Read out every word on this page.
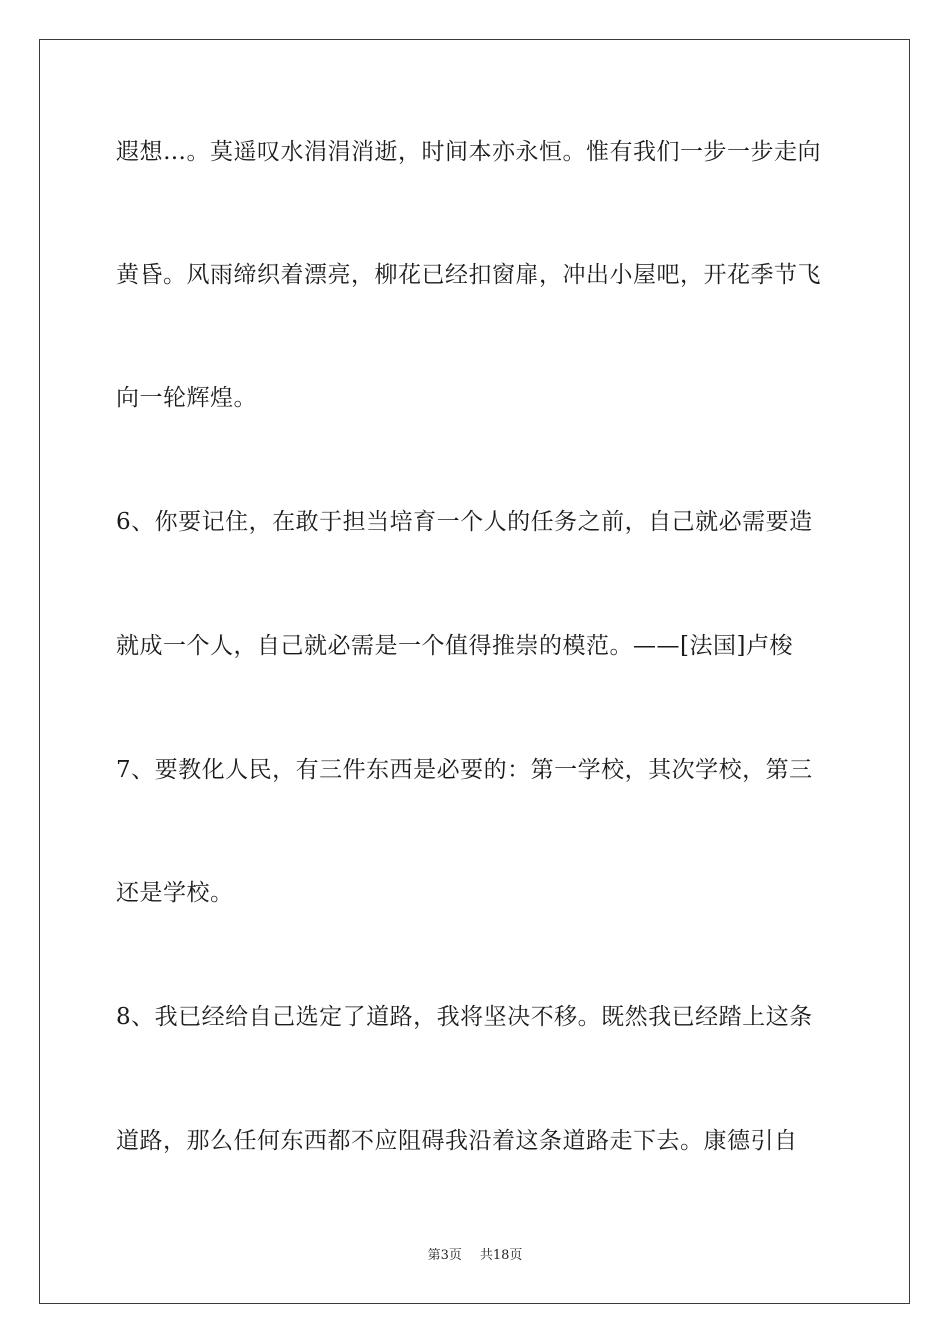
遐想…。莫遥叹水涓涓消逝，时间本亦永恒。惟有我们一步一步走向
黄昏。风雨缔织着漂亮，柳花已经扣窗扉，冲出小屋吧，开花季节飞
向一轮辉煌。
6、你要记住，在敢于担当培育一个人的任务之前，自己就必需要造
就成一个人，自己就必需是一个值得推崇的模范。——[法国]卢梭
7、要教化人民，有三件东西是必要的：第一学校，其次学校，第三
还是学校。
8、我已经给自己选定了道路，我将坚决不移。既然我已经踏上这条
道路，那么任何东西都不应阻碍我沿着这条道路走下去。康德引自
第3页 共18页
